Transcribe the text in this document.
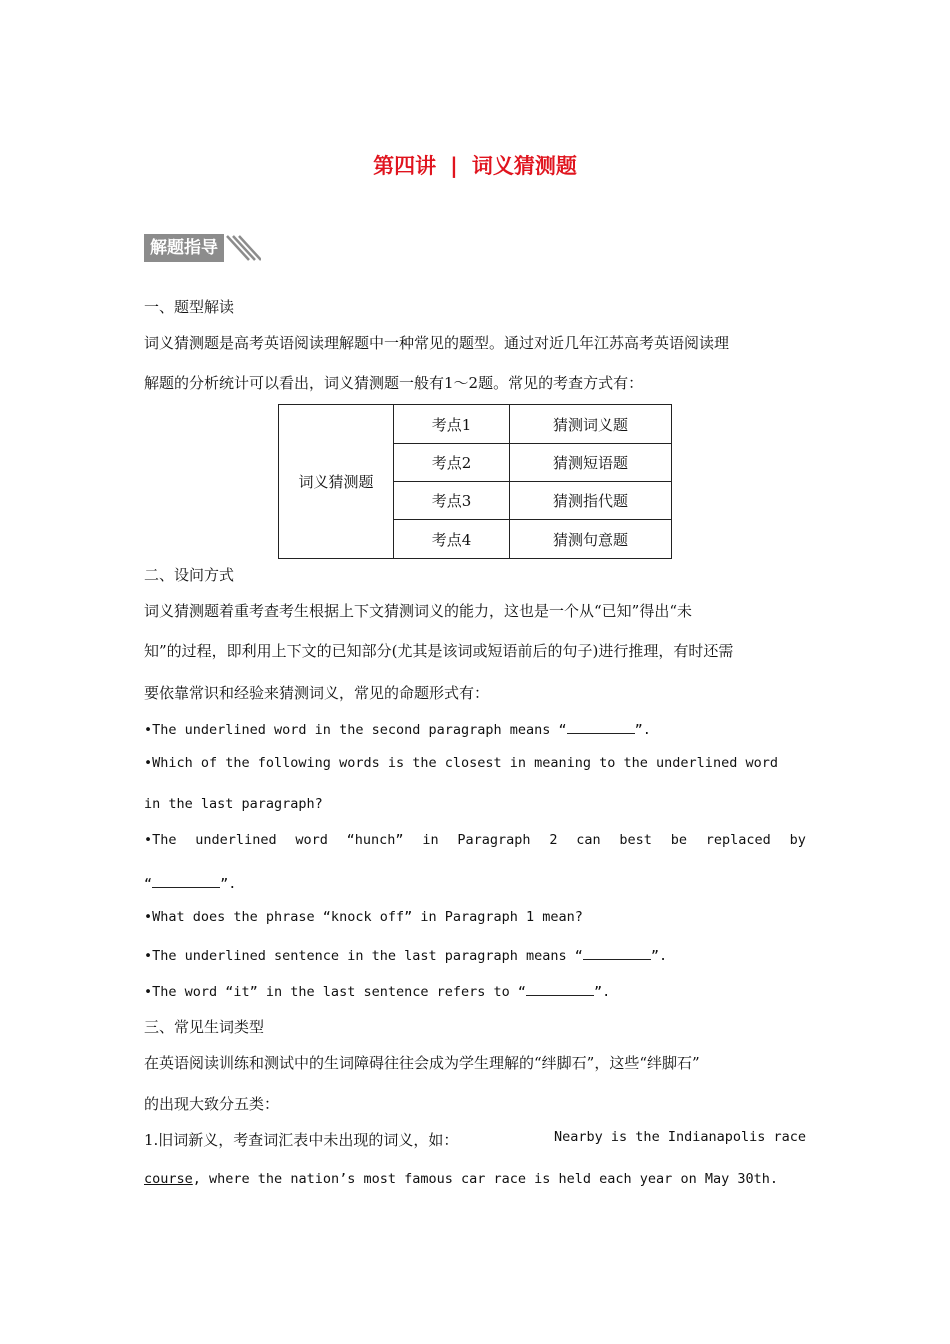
第四讲 | 词义猜测题
解题指导
一、题型解读
词义猜测题是高考英语阅读理解题中一种常见的题型。通过对近几年江苏高考英语阅读理
解题的分析统计可以看出，词义猜测题一般有1～2题。常见的考查方式有：
词义猜测题	考点1	猜测词义题
	考点2	猜测短语题
	考点3	猜测指代题
	考点4	猜测句意题
二、设问方式
词义猜测题着重考查考生根据上下文猜测词义的能力，这也是一个从“已知”得出“未
知”的过程，即利用上下文的已知部分(尤其是该词或短语前后的句子)进行推理，有时还需
要依靠常识和经验来猜测词义，常见的命题形式有：
•The underlined word in the second paragraph means “	”.
•Which of the following words is the closest in meaning to the underlined word
in the last paragraph?
•The underlined word “hunch” in Paragraph 2 can best be replaced by
“	”.
•What does the phrase “knock off” in Paragraph 1 mean?
•The underlined sentence in the last paragraph means “	”.
•The word “it” in the last sentence refers to “	”.
三、常见生词类型
在英语阅读训练和测试中的生词障碍往往会成为学生理解的“绊脚石”，这些“绊脚石”
的出现大致分五类：
1.旧词新义，考查词汇表中未出现的词义，如：	Nearby is the Indianapolis race
course, where the nation’s most famous car race is held each year on May 30th.
